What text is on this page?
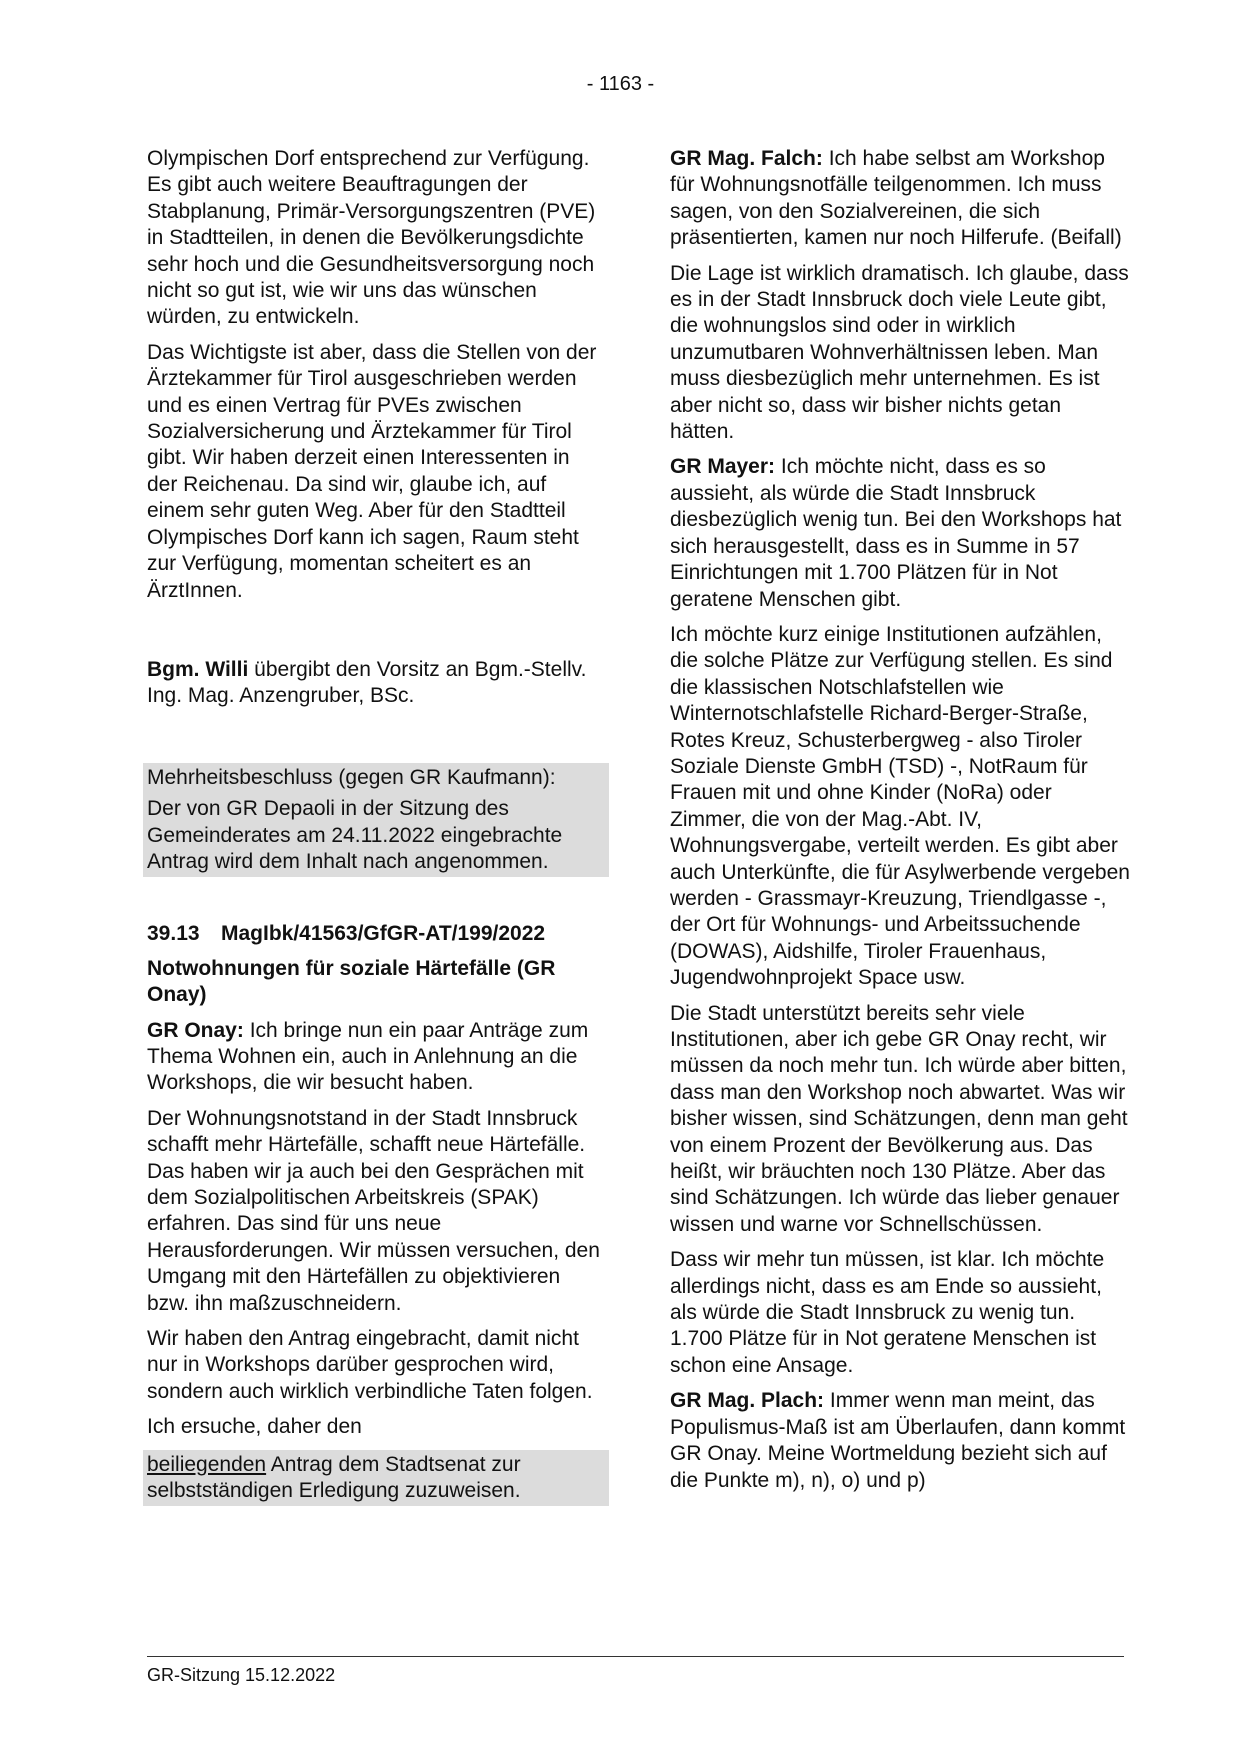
- 1163 -

Olympischen Dorf entsprechend zur Verfügung. Es gibt auch weitere Beauftragungen der Stabplanung, Primär-Versorgungszentren (PVE) in Stadtteilen, in denen die Bevölkerungsdichte sehr hoch und die Gesundheitsversorgung noch nicht so gut ist, wie wir uns das wünschen würden, zu entwickeln.

Das Wichtigste ist aber, dass die Stellen von der Ärztekammer für Tirol ausgeschrieben werden und es einen Vertrag für PVEs zwischen Sozialversicherung und Ärztekammer für Tirol gibt. Wir haben derzeit einen Interessenten in der Reichenau. Da sind wir, glaube ich, auf einem sehr guten Weg. Aber für den Stadtteil Olympisches Dorf kann ich sagen, Raum steht zur Verfügung, momentan scheitert es an ÄrztInnen.

Bgm. Willi übergibt den Vorsitz an Bgm.-Stellv. Ing. Mag. Anzengruber, BSc.

Mehrheitsbeschluss (gegen GR Kaufmann):

Der von GR Depaoli in der Sitzung des Gemeinderates am 24.11.2022 eingebrachte Antrag wird dem Inhalt nach angenommen.

39.13	MagIbk/41563/GfGR-AT/199/2022

Notwohnungen für soziale Härtefälle (GR Onay)

GR Onay: Ich bringe nun ein paar Anträge zum Thema Wohnen ein, auch in Anlehnung an die Workshops, die wir besucht haben.

Der Wohnungsnotstand in der Stadt Innsbruck schafft mehr Härtefälle, schafft neue Härtefälle. Das haben wir ja auch bei den Gesprächen mit dem Sozialpolitischen Arbeitskreis (SPAK) erfahren. Das sind für uns neue Herausforderungen. Wir müssen versuchen, den Umgang mit den Härtefällen zu objektivieren bzw. ihn maßzuschneidern.

Wir haben den Antrag eingebracht, damit nicht nur in Workshops darüber gesprochen wird, sondern auch wirklich verbindliche Taten folgen.

Ich ersuche, daher den

beiliegenden Antrag dem Stadtsenat zur selbstständigen Erledigung zuzuweisen.

GR Mag. Falch: Ich habe selbst am Workshop für Wohnungsnotfälle teilgenommen. Ich muss sagen, von den Sozialvereinen, die sich präsentierten, kamen nur noch Hilferufe. (Beifall)

Die Lage ist wirklich dramatisch. Ich glaube, dass es in der Stadt Innsbruck doch viele Leute gibt, die wohnungslos sind oder in wirklich unzumutbaren Wohnverhältnissen leben. Man muss diesbezüglich mehr unternehmen. Es ist aber nicht so, dass wir bisher nichts getan hätten.

GR Mayer: Ich möchte nicht, dass es so aussieht, als würde die Stadt Innsbruck diesbezüglich wenig tun. Bei den Workshops hat sich herausgestellt, dass es in Summe in 57 Einrichtungen mit 1.700 Plätzen für in Not geratene Menschen gibt.

Ich möchte kurz einige Institutionen aufzählen, die solche Plätze zur Verfügung stellen. Es sind die klassischen Notschlafstellen wie Winternotschlafstelle Richard-Berger-Straße, Rotes Kreuz, Schusterbergweg - also Tiroler Soziale Dienste GmbH (TSD) -, NotRaum für Frauen mit und ohne Kinder (NoRa) oder Zimmer, die von der Mag.-Abt. IV, Wohnungsvergabe, verteilt werden. Es gibt aber auch Unterkünfte, die für Asylwerbende vergeben werden - Grassmayr-Kreuzung, Triendlgasse -, der Ort für Wohnungs- und Arbeitssuchende (DOWAS), Aidshilfe, Tiroler Frauenhaus, Jugendwohnprojekt Space usw.

Die Stadt unterstützt bereits sehr viele Institutionen, aber ich gebe GR Onay recht, wir müssen da noch mehr tun. Ich würde aber bitten, dass man den Workshop noch abwartet. Was wir bisher wissen, sind Schätzungen, denn man geht von einem Prozent der Bevölkerung aus. Das heißt, wir bräuchten noch 130 Plätze. Aber das sind Schätzungen. Ich würde das lieber genauer wissen und warne vor Schnellschüssen.

Dass wir mehr tun müssen, ist klar. Ich möchte allerdings nicht, dass es am Ende so aussieht, als würde die Stadt Innsbruck zu wenig tun. 1.700 Plätze für in Not geratene Menschen ist schon eine Ansage.

GR Mag. Plach: Immer wenn man meint, das Populismus-Maß ist am Überlaufen, dann kommt GR Onay. Meine Wortmeldung bezieht sich auf die Punkte m), n), o) und p)

GR-Sitzung 15.12.2022
